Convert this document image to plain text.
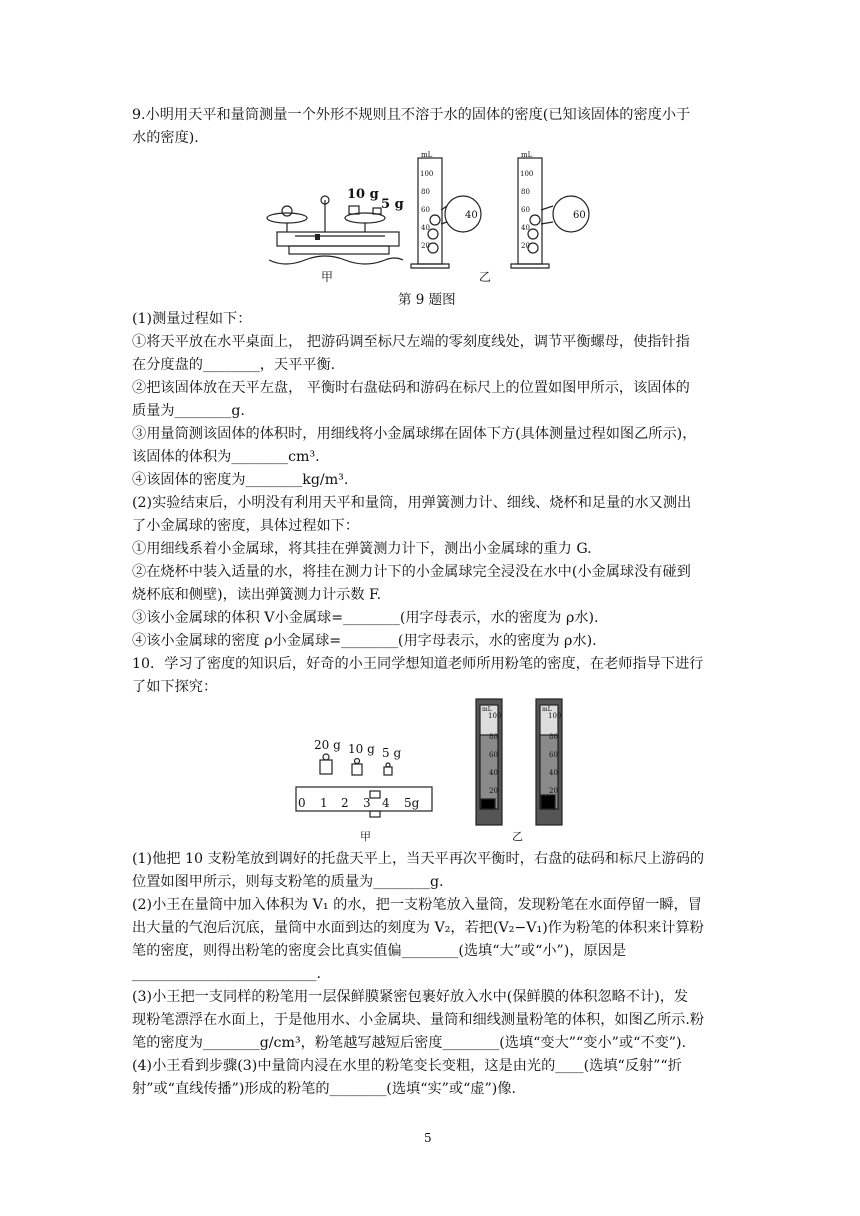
9.小明用天平和量筒测量一个外形不规则且不溶于水的固体的密度(已知该固体的密度小于
水的密度).
10 g
5 g
甲
mL
100
80
60
40
20
40
mL
100
80
60
40
20
60
乙
第 9 题图
(1)测量过程如下：
①将天平放在水平桌面上， 把游码调至标尺左端的零刻度线处，调节平衡螺母，使指针指
在分度盘的________，天平平衡.
②把该固体放在天平左盘， 平衡时右盘砝码和游码在标尺上的位置如图甲所示，该固体的
质量为________g.
③用量筒测该固体的体积时，用细线将小金属球绑在固体下方(具体测量过程如图乙所示)，
该固体的体积为________cm³.
④该固体的密度为________kg/m³.
(2)实验结束后，小明没有利用天平和量筒，用弹簧测力计、细线、烧杯和足量的水又测出
了小金属球的密度，具体过程如下：
①用细线系着小金属球，将其挂在弹簧测力计下，测出小金属球的重力 G.
②在烧杯中装入适量的水，将挂在测力计下的小金属球完全浸没在水中(小金属球没有碰到
烧杯底和侧壁)，读出弹簧测力计示数 F.
③该小金属球的体积 V小金属球=________(用字母表示，水的密度为 ρ水).
④该小金属球的密度 ρ小金属球=________(用字母表示，水的密度为 ρ水).
10．学习了密度的知识后，好奇的小王同学想知道老师所用粉笔的密度，在老师指导下进行
了如下探究：
20 g 10 g 5 g
0 1 2 3 4 5g
甲
mL
100
80
60
40
20
mL
100
80
60
40
20
乙
(1)他把 10 支粉笔放到调好的托盘天平上，当天平再次平衡时，右盘的砝码和标尺上游码的
位置如图甲所示，则每支粉笔的质量为________g.
(2)小王在量筒中加入体积为 V₁ 的水，把一支粉笔放入量筒，发现粉笔在水面停留一瞬，冒
出大量的气泡后沉底，量筒中水面到达的刻度为 V₂，若把(V₂−V₁)作为粉笔的体积来计算粉
笔的密度，则得出粉笔的密度会比真实值偏________(选填“大”或“小”)，原因是
__________________________.
(3)小王把一支同样的粉笔用一层保鲜膜紧密包裹好放入水中(保鲜膜的体积忽略不计)，发
现粉笔漂浮在水面上，于是他用水、小金属块、量筒和细线测量粉笔的体积，如图乙所示.粉
笔的密度为________g/cm³，粉笔越写越短后密度________(选填“变大”“变小”或“不变”).
(4)小王看到步骤(3)中量筒内浸在水里的粉笔变长变粗，这是由光的____(选填“反射”“折
射”或“直线传播”)形成的粉笔的________(选填“实”或“虚”)像.
5
